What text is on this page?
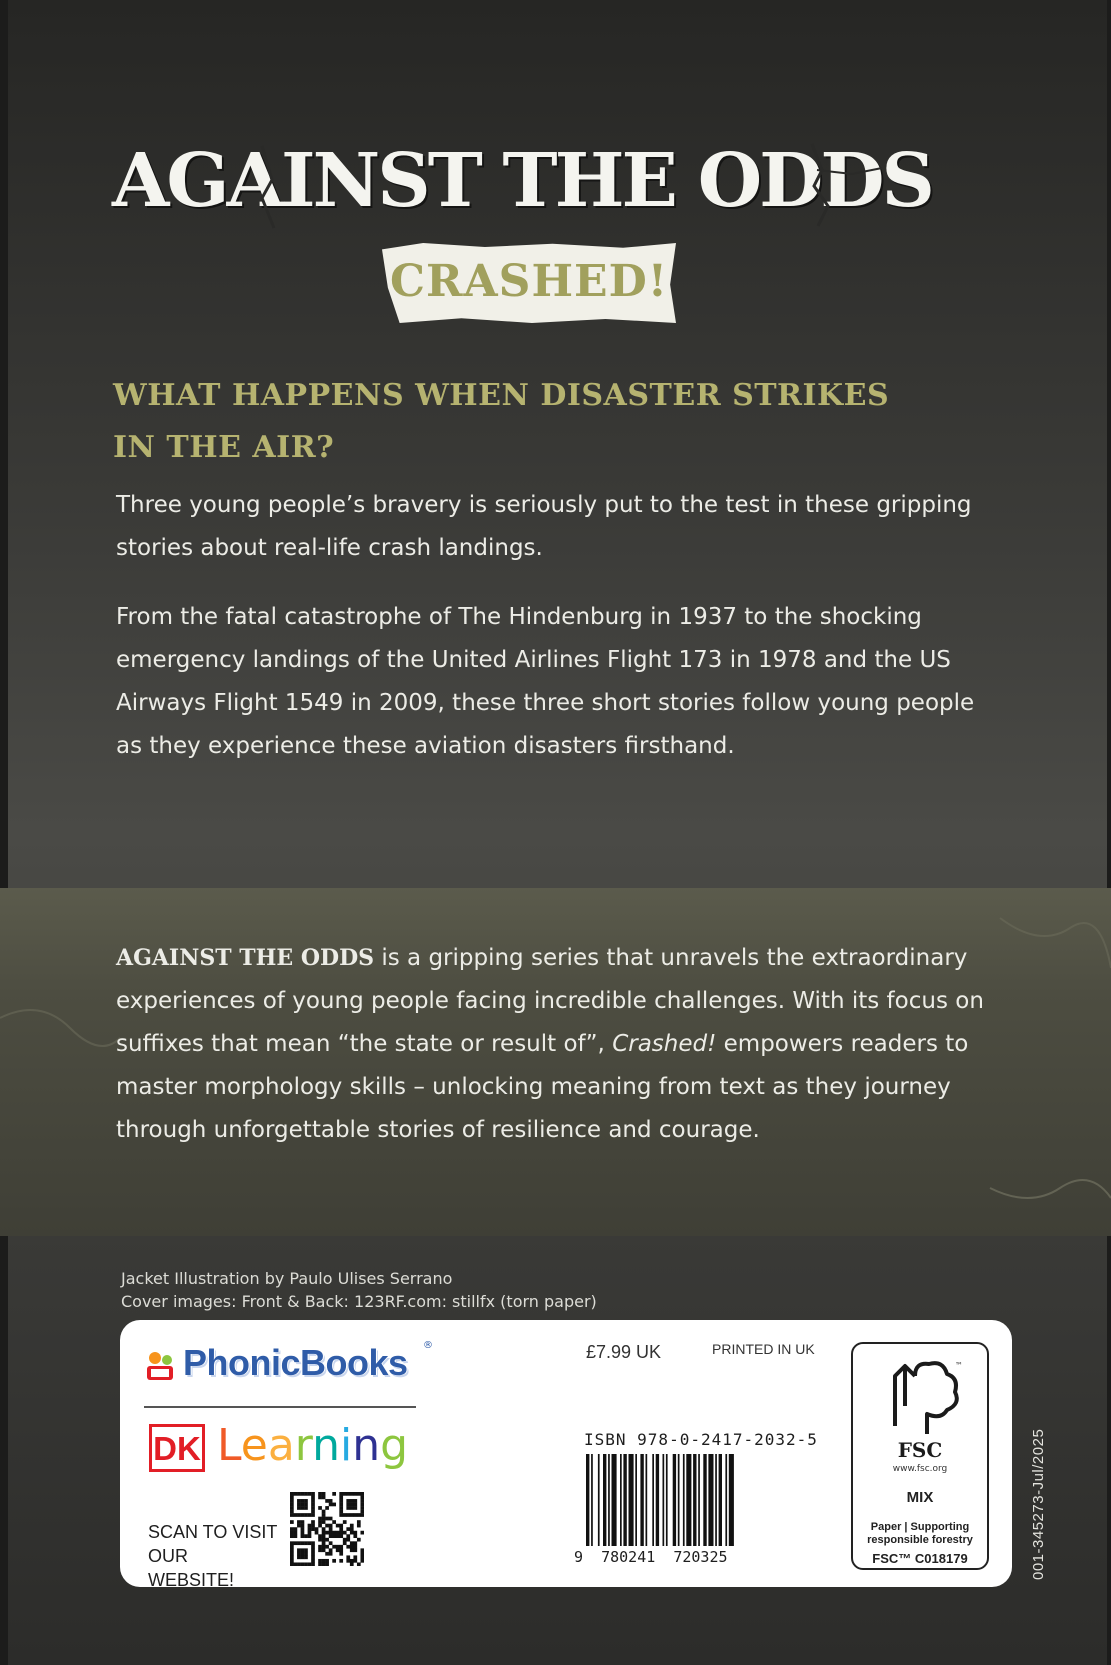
AGAINST THE ODDS
CRASHED!
WHAT HAPPENS WHEN DISASTER STRIKES IN THE AIR?

Three young people’s bravery is seriously put to the test in these gripping stories about real-life crash landings.

From the fatal catastrophe of The Hindenburg in 1937 to the shocking emergency landings of the United Airlines Flight 173 in 1978 and the US Airways Flight 1549 in 2009, these three short stories follow young people as they experience these aviation disasters firsthand.

AGAINST THE ODDS is a gripping series that unravels the extraordinary experiences of young people facing incredible challenges. With its focus on suffixes that mean “the state or result of”, Crashed! empowers readers to master morphology skills – unlocking meaning from text as they journey through unforgettable stories of resilience and courage.

Jacket Illustration by Paulo Ulises Serrano
Cover images: Front & Back: 123RF.com: stillfx (torn paper)

PhonicBooks ®
DK Learning
SCAN TO VISIT OUR WEBSITE!
£7.99 UK	PRINTED IN UK
ISBN 978-0-2417-2032-5
9  780241  720325
™
FSC
www.fsc.org
MIX
Paper | Supporting responsible forestry
FSC™ C018179	001-345273-Jul/2025
